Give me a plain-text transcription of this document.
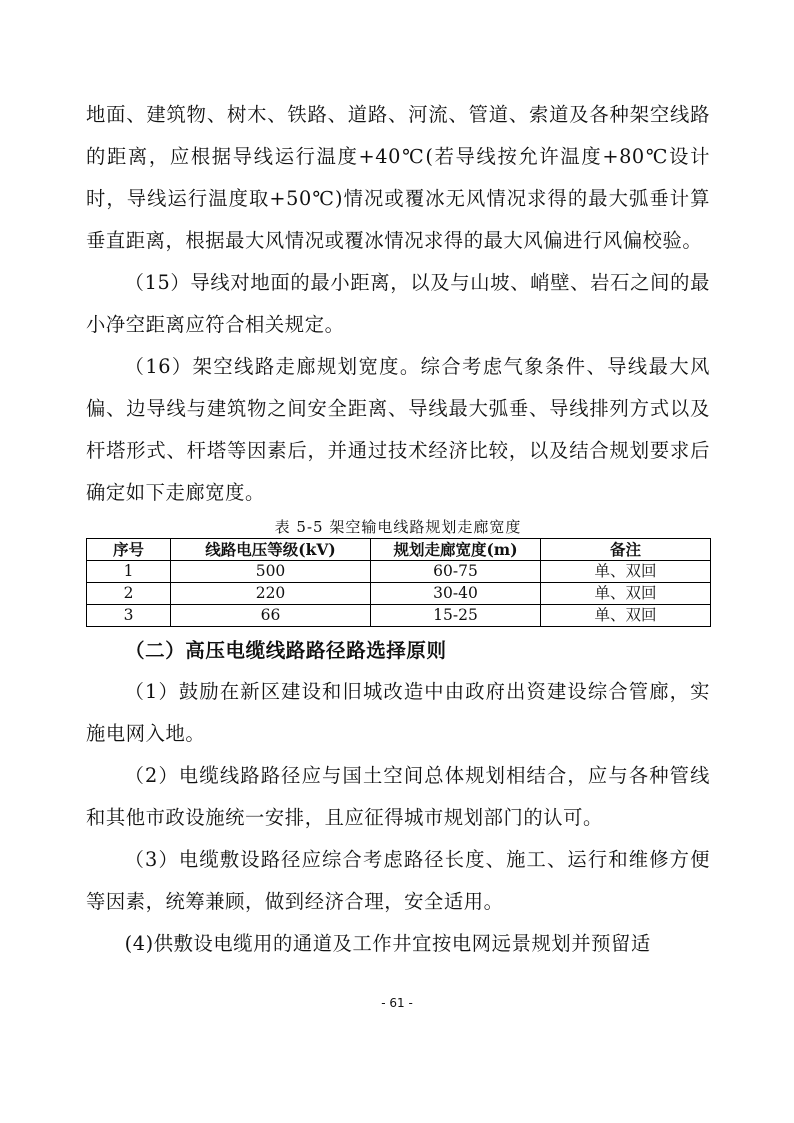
地面、建筑物、树木、铁路、道路、河流、管道、索道及各种架空线路的距离，应根据导线运行温度+40℃(若导线按允许温度+80℃设计时，导线运行温度取+50℃)情况或覆冰无风情况求得的最大弧垂计算垂直距离，根据最大风情况或覆冰情况求得的最大风偏进行风偏校验。

（15）导线对地面的最小距离，以及与山坡、峭壁、岩石之间的最小净空距离应符合相关规定。

（16）架空线路走廊规划宽度。综合考虑气象条件、导线最大风偏、边导线与建筑物之间安全距离、导线最大弧垂、导线排列方式以及杆塔形式、杆塔等因素后，并通过技术经济比较，以及结合规划要求后确定如下走廊宽度。

表 5-5 架空输电线路规划走廊宽度
序号	线路电压等级(kV)	规划走廊宽度(m)	备注
1	500	60-75	单、双回
2	220	30-40	单、双回
3	66	15-25	单、双回
（二）高压电缆线路路径路选择原则

（1）鼓励在新区建设和旧城改造中由政府出资建设综合管廊，实施电网入地。

（2）电缆线路路径应与国土空间总体规划相结合，应与各种管线和其他市政设施统一安排，且应征得城市规划部门的认可。

（3）电缆敷设路径应综合考虑路径长度、施工、运行和维修方便等因素，统筹兼顾，做到经济合理，安全适用。

(4)供敷设电缆用的通道及工作井宜按电网远景规划并预留适

- 61 -
